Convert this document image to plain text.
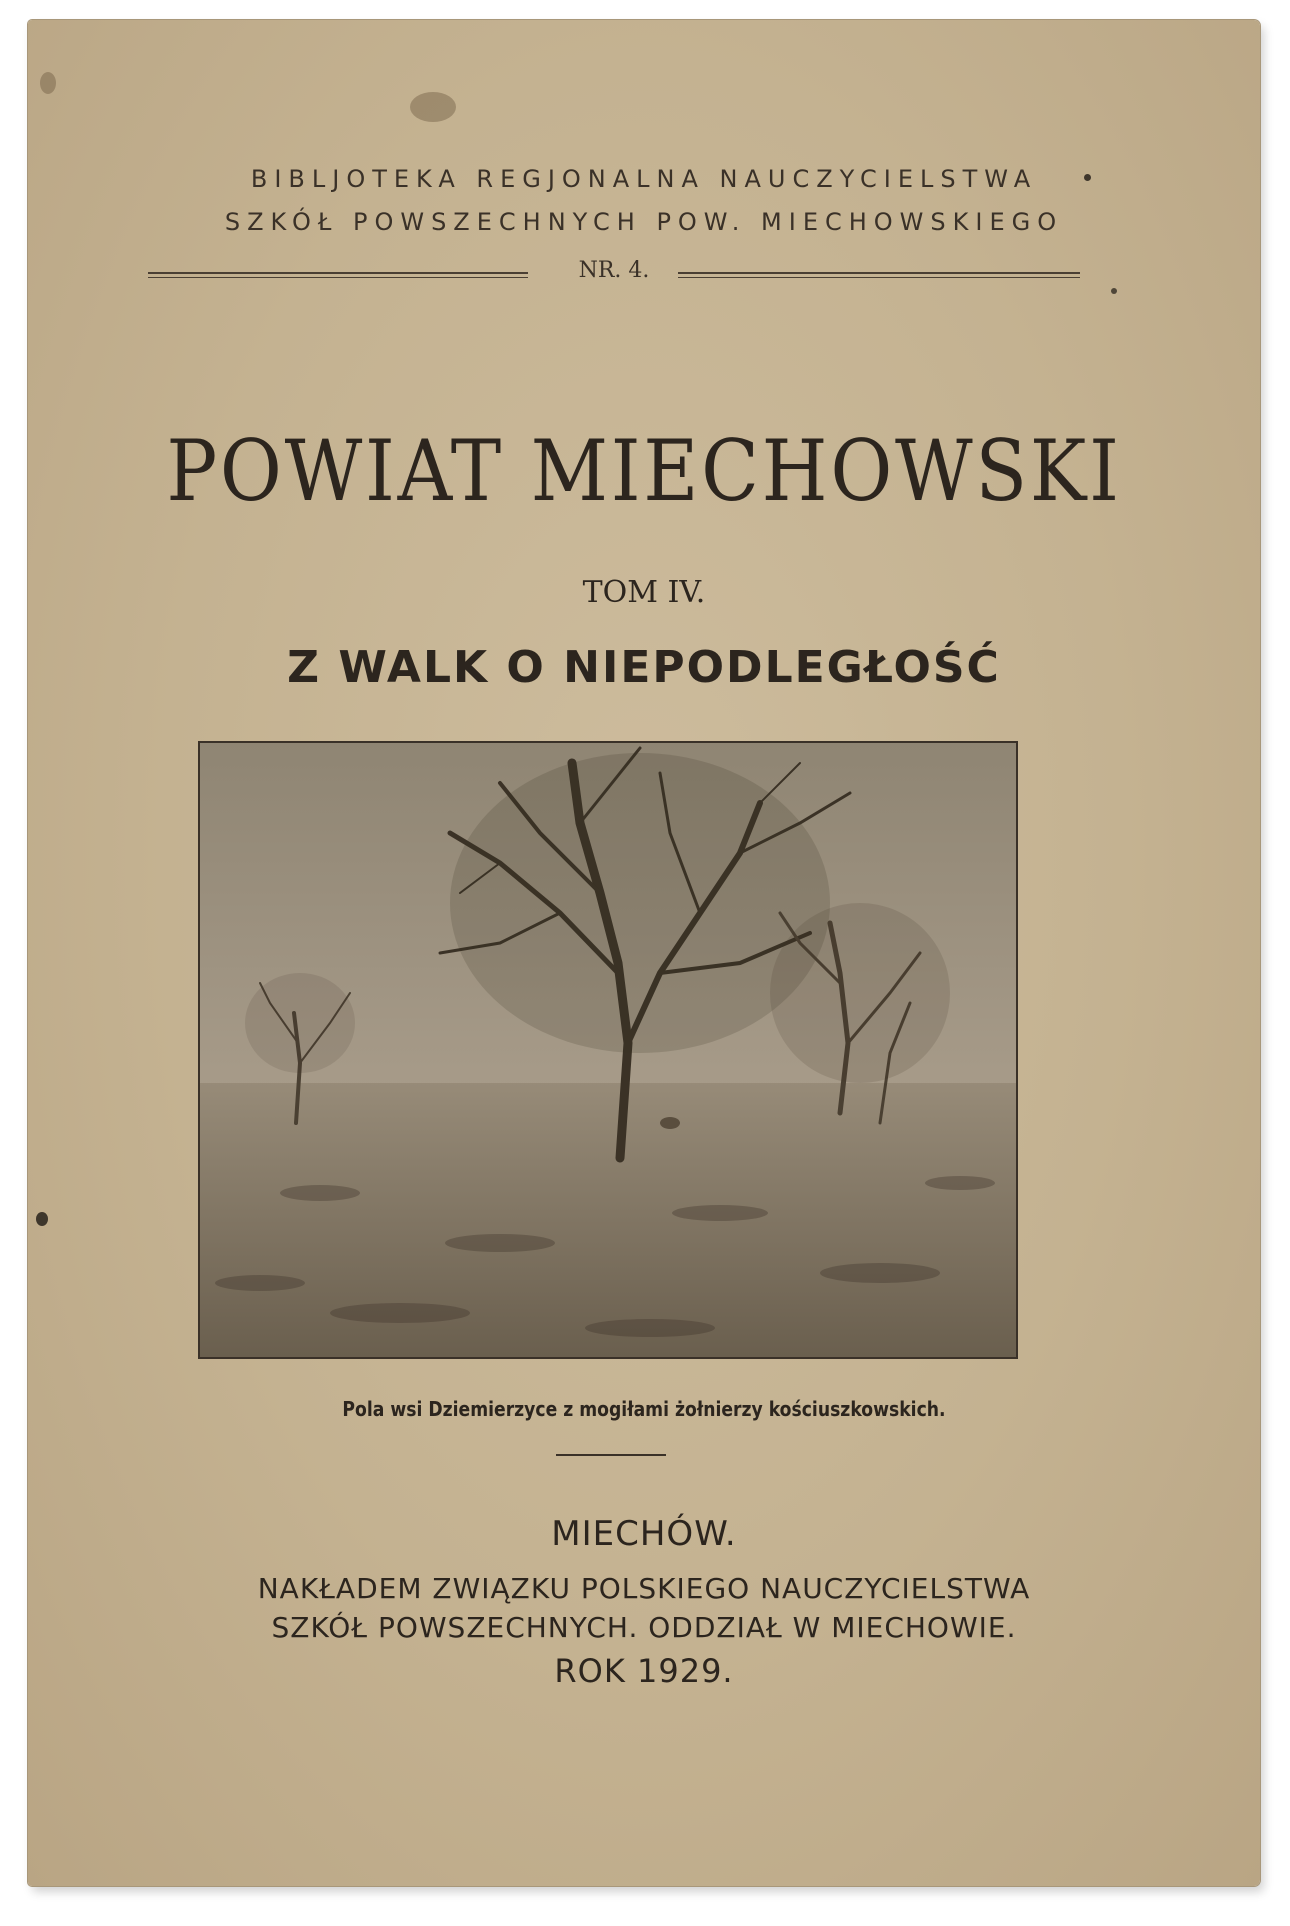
BIBLJOTEKA REGJONALNA NAUCZYCIELSTWA
SZKÓŁ POWSZECHNYCH POW. MIECHOWSKIEGO
NR. 4.
POWIAT MIECHOWSKI
TOM IV.
Z WALK O NIEPODLEGŁOŚĆ
Pola wsi Dziemierzyce z mogiłami żołnierzy kościuszkowskich.
MIECHÓW.
NAKŁADEM ZWIĄZKU POLSKIEGO NAUCZYCIELSTWA
SZKÓŁ POWSZECHNYCH. ODDZIAŁ W MIECHOWIE.
ROK 1929.
